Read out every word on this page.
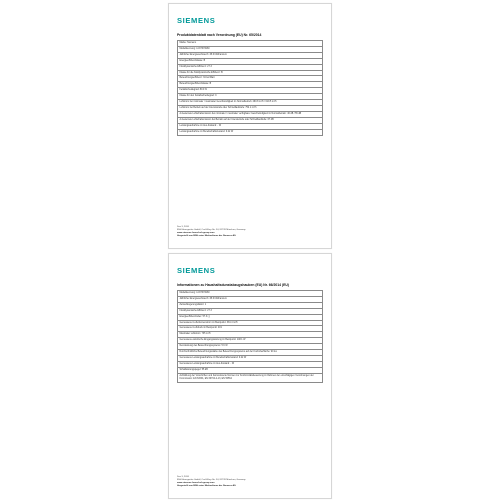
SIEMENS
Produktdatenblatt nach Verordnung (EU) Nr. 65/2014
Marke: Siemens
Modellkennung: LC97FVW60
Jährlicher Energieverbrauch: 38.6 kWh/annum
Energieeffizienzklasse: B
Fluiddynamische Effizienz: 27.3
Klasse für die fluiddynamische Effizienz: B
Beleuchtungseffizienz: 34 lux/Watt
Beleuchtungseffizienzklasse: B
Fettabscheidegrad: 80.0 %
Klasse für den Fettabscheidegrad: C
Luftstrom bei minimaler / maximaler Geschwindigkeit im Normalbetrieb: 260.8 m³/h / 619.5 m³/h
Luftstrom bei Betrieb auf der Intensivstufe oder Schnelllaufstufe: 752.1 m³/h
A-bewertete Luftschallemission bei minimaler / maximaler verfügbarer Geschwindigkeit im Normalbetrieb: 46 dB / 55 dB
A-bewertete Luftschallemission bei Betrieb auf der Intensivstufe oder Schnelllaufstufe: 67 dB
Leistungsaufnahme im Aus-Zustand: - W
Leistungsaufnahme im Bereitschaftszustand: 0.22 W
Dez 3, 2018
BSH Hausgeräte GmbH, Carl-Wery-Str. 34, 81739 München, Germany
www.siemens-home.bsh-group.com
Hergestellt von BSH unter Markenlizenz der Siemens AG
SIEMENS
Informationen zu Haushaltsdunstabzugshauben (EU) Nr. 66/2014 (EU)
Modellkennung: LC97FVW60
Jährlicher Energieverbrauch: 38.6 kWh/annum
Zeitverlängerungsfaktor: 1
Fluiddynamische Effizienz: 27.3
Energieeffizienzindex: 57.3 (-)
Gemessener Luftvolumenstrom im Bestpunkt: 334.4 m³/h
Gemessener Luftdruck im Bestpunkt: 419
Maximaler Luftstrom: 735 m³/h
Gemessene elektrische Eingangsleistung im Bestpunkt: 148.1 W
Nennleistung des Beleuchtungssystems: 5.6 W
Durchschnittliche Beleuchtungsstärke des Beleuchtungssystems auf der Kochoberfläche: 90 lux
Gemessene Leistungsaufnahme im Bereitschaftszustand: 0.22 W
Gemessene Leistungsaufnahme im Aus-Zustand: - W
Schallleistungspegel: 55 dB
Aufzählung der Vorschriften und harmonisierte Normen zur Konformitätsbewertung im Rahmen der einschlägigen Verordnungen der Kommission: EN 61591, EN 60704-2-13, EN 50564
Dez 3, 2018
BSH Hausgeräte GmbH, Carl-Wery-Str. 34, 81739 München, Germany
www.siemens-home.bsh-group.com
Hergestellt von BSH unter Markenlizenz der Siemens AG
